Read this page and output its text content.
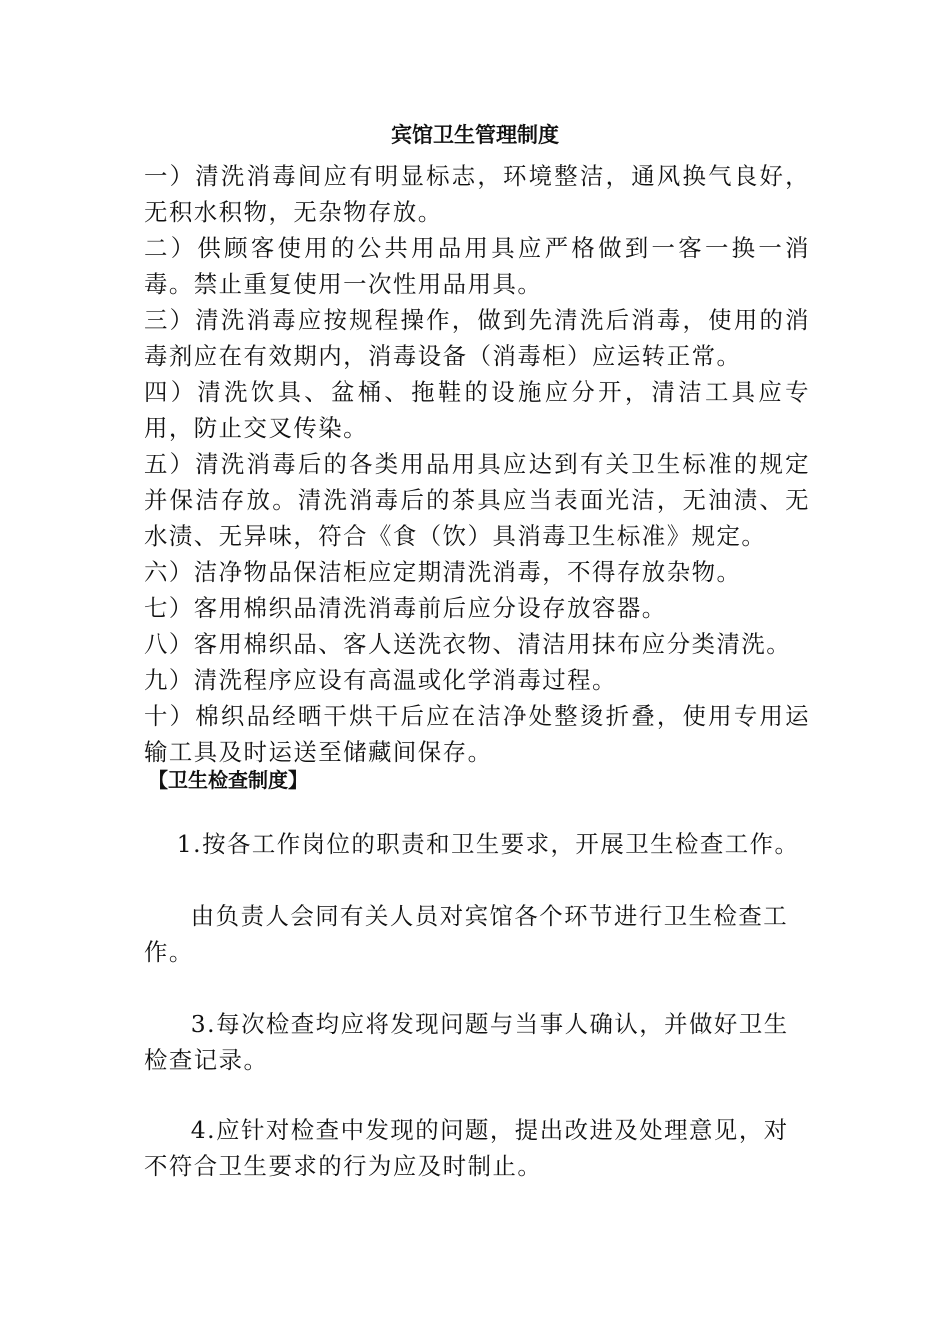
宾馆卫生管理制度
一）清洗消毒间应有明显标志，环境整洁，通风换气良好，无积水积物，无杂物存放。
二）供顾客使用的公共用品用具应严格做到一客一换一消毒。禁止重复使用一次性用品用具。
三）清洗消毒应按规程操作，做到先清洗后消毒，使用的消毒剂应在有效期内，消毒设备（消毒柜）应运转正常。
四）清洗饮具、盆桶、拖鞋的设施应分开，清洁工具应专用，防止交叉传染。
五）清洗消毒后的各类用品用具应达到有关卫生标准的规定并保洁存放。清洗消毒后的茶具应当表面光洁，无油渍、无水渍、无异味，符合《食（饮）具消毒卫生标准》规定。
六）洁净物品保洁柜应定期清洗消毒，不得存放杂物。
七）客用棉织品清洗消毒前后应分设存放容器。
八）客用棉织品、客人送洗衣物、清洁用抹布应分类清洗。
九）清洗程序应设有高温或化学消毒过程。
十）棉织品经晒干烘干后应在洁净处整烫折叠，使用专用运输工具及时运送至储藏间保存。
【卫生检查制度】

1.按各工作岗位的职责和卫生要求，开展卫生检查工作。

由负责人会同有关人员对宾馆各个环节进行卫生检查工作。

3.每次检查均应将发现问题与当事人确认，并做好卫生检查记录。

4.应针对检查中发现的问题，提出改进及处理意见，对不符合卫生要求的行为应及时制止。
